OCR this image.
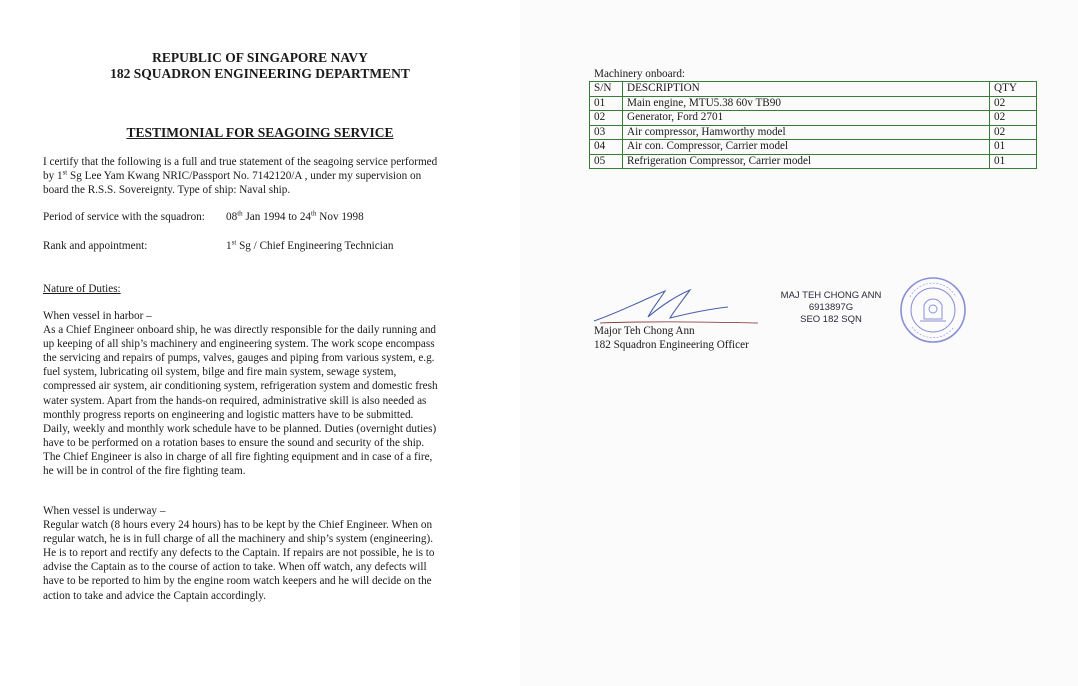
REPUBLIC OF SINGAPORE NAVY
182 SQUADRON ENGINEERING DEPARTMENT
TESTIMONIAL FOR SEAGOING SERVICE
I certify that the following is a full and true statement of the seagoing service performed
by 1st Sg Lee Yam Kwang NRIC/Passport No. 7142120/A , under my supervision on
board the R.S.S. Sovereignty. Type of ship: Naval ship.
Period of service with the squadron: 08th Jan 1994 to 24th Nov 1998
Rank and appointment:	1st Sg / Chief Engineering Technician
Nature of Duties:
When vessel in harbor –
As a Chief Engineer onboard ship, he was directly responsible for the daily running and
up keeping of all ship’s machinery and engineering system. The work scope encompass
the servicing and repairs of pumps, valves, gauges and piping from various system, e.g.
fuel system, lubricating oil system, bilge and fire main system, sewage system,
compressed air system, air conditioning system, refrigeration system and domestic fresh
water system. Apart from the hands-on required, administrative skill is also needed as
monthly progress reports on engineering and logistic matters have to be submitted.
Daily, weekly and monthly work schedule have to be planned. Duties (overnight duties)
have to be performed on a rotation bases to ensure the sound and security of the ship.
The Chief Engineer is also in charge of all fire fighting equipment and in case of a fire,
he will be in control of the fire fighting team.
When vessel is underway –
Regular watch (8 hours every 24 hours) has to be kept by the Chief Engineer. When on
regular watch, he is in full charge of all the machinery and ship’s system (engineering).
He is to report and rectify any defects to the Captain. If repairs are not possible, he is to
advise the Captain as to the course of action to take. When off watch, any defects will
have to be reported to him by the engine room watch keepers and he will decide on the
action to take and advice the Captain accordingly.
Machinery onboard:
S/N	DESCRIPTION	QTY
01	Main engine, MTU5.38 60v TB90	02
02	Generator, Ford 2701	02
03	Air compressor, Hamworthy model	02
04	Air con. Compressor, Carrier model	01
05	Refrigeration Compressor, Carrier model	01
Major Teh Chong Ann
182 Squadron Engineering Officer
MAJ TEH CHONG ANN
6913897G
SEO 182 SQN
